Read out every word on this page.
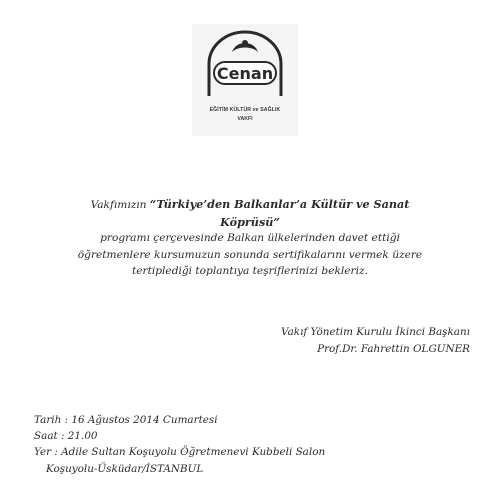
Cenan
EĞİTİM KÜLTÜR ve SAĞLIK
VAKFI
Vakfımızın “Türkiye’den Balkanlar’a Kültür ve Sanat
Köprüsü”
programı çerçevesinde Balkan ülkelerinden davet ettiği
öğretmenlere kursumuzun sonunda sertifikalarını vermek üzere
tertiplediği toplantıya teşriflerinizi bekleriz.
Vakıf Yönetim Kurulu İkinci Başkanı
Prof.Dr. Fahrettin OLGUNER
Tarih : 16 Ağustos 2014 Cumartesi
Saat : 21.00
Yer : Adile Sultan Koşuyolu Öğretmenevi Kubbeli Salon
Koşuyolu-Üsküdar/İSTANBUL
